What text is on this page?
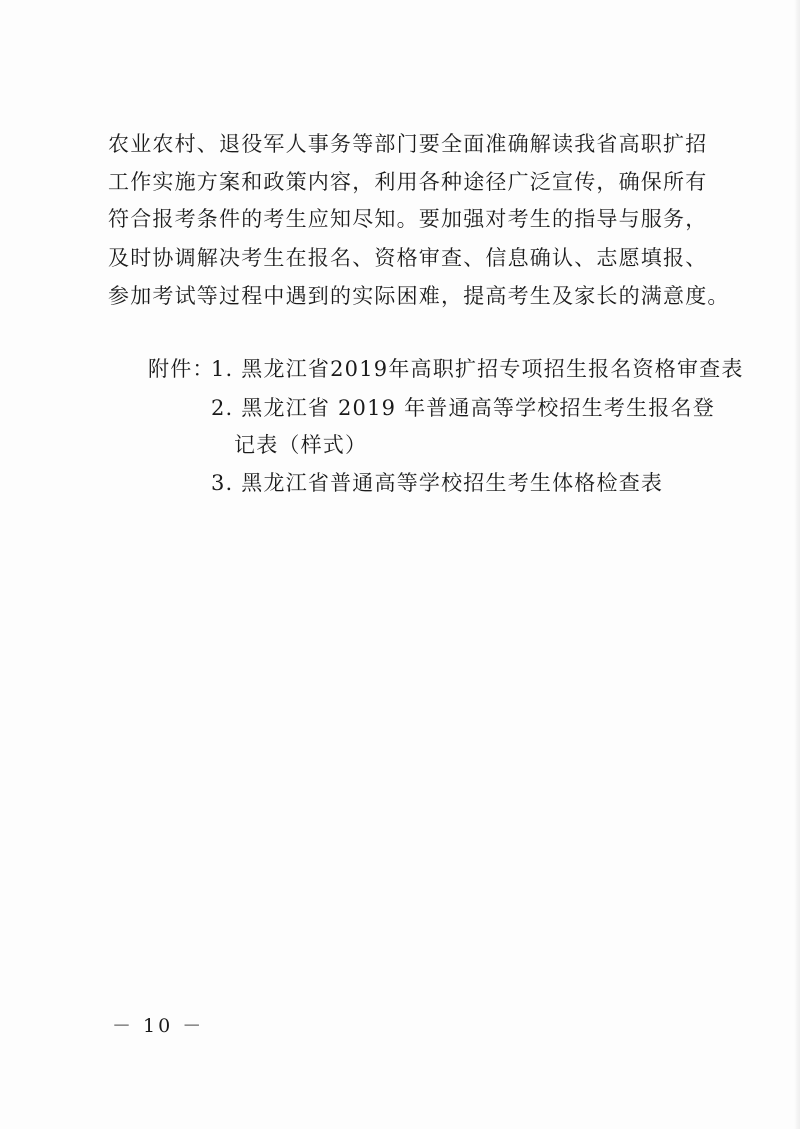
农业农村、退役军人事务等部门要全面准确解读我省高职扩招
工作实施方案和政策内容，利用各种途径广泛宣传，确保所有
符合报考条件的考生应知尽知。要加强对考生的指导与服务，
及时协调解决考生在报名、资格审查、信息确认、志愿填报、
参加考试等过程中遇到的实际困难，提高考生及家长的满意度。
附件：
1. 黑龙江省2019年高职扩招专项招生报名资格审查表
2. 黑龙江省 2019 年普通高等学校招生考生报名登
记表（样式）
3. 黑龙江省普通高等学校招生考生体格检查表
－ 10 －
